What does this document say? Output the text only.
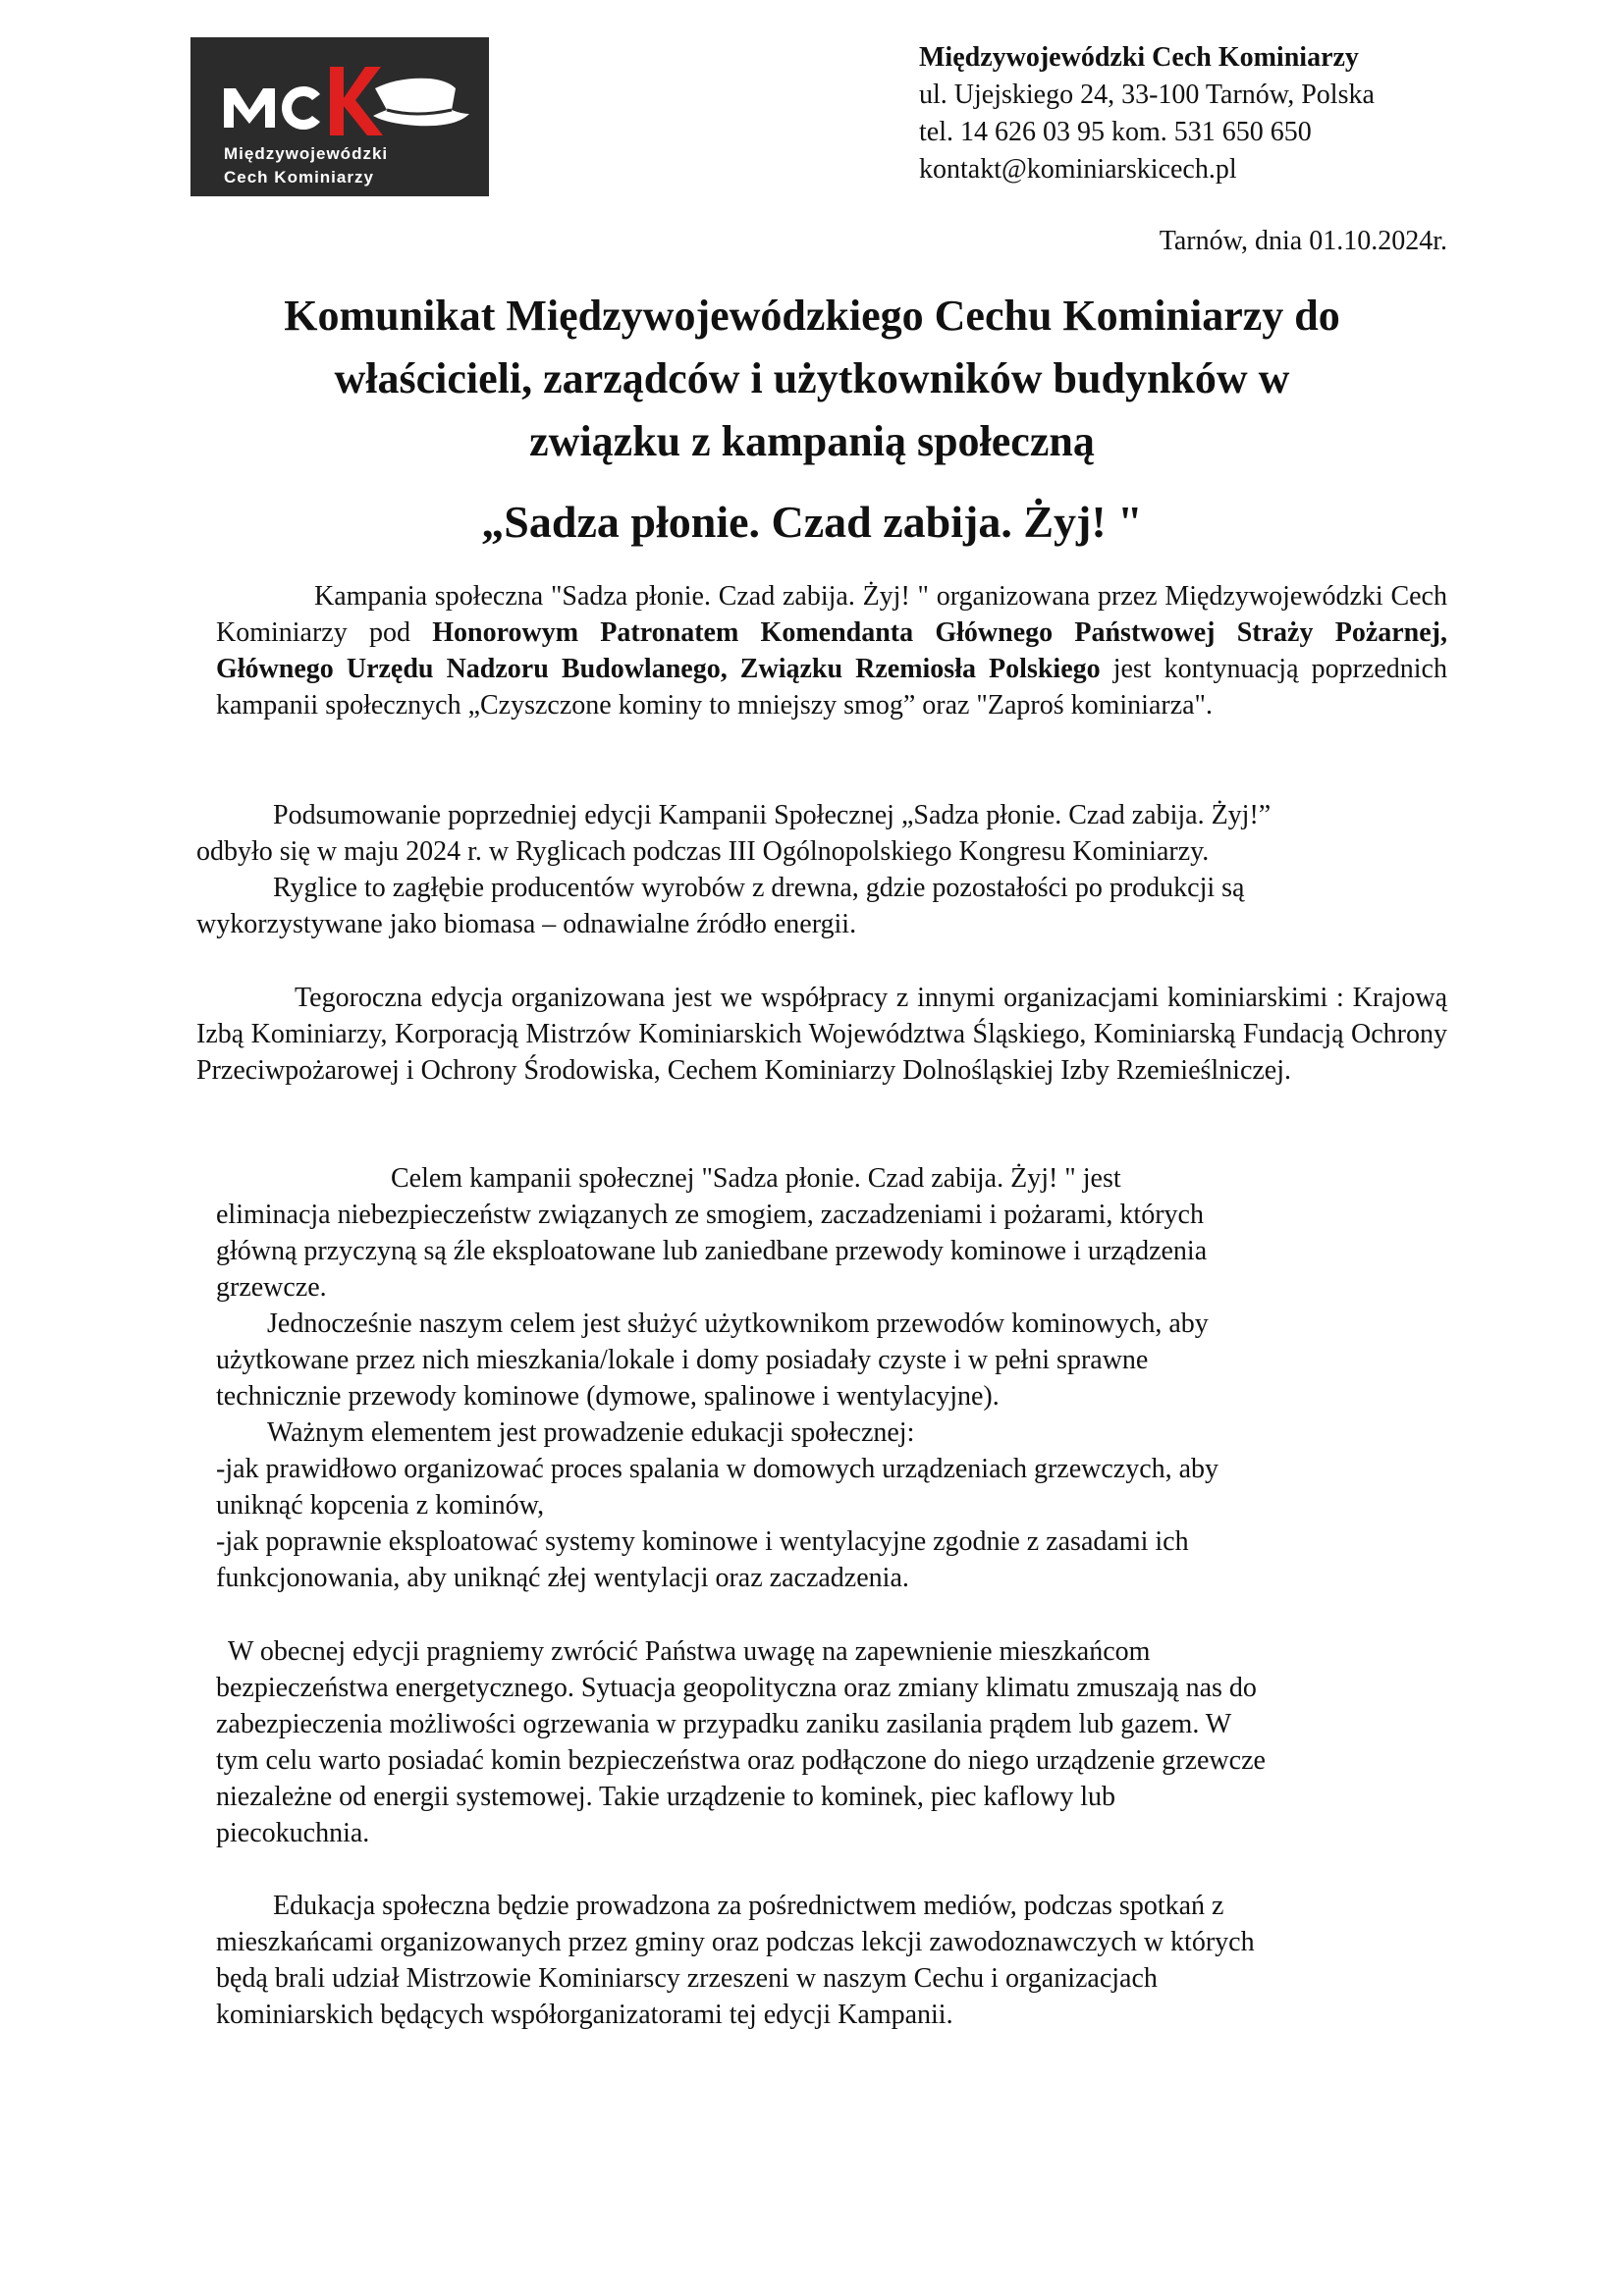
Międzywojewódzki
Cech Kominiarzy
Międzywojewódzki Cech Kominiarzy
ul. Ujejskiego 24, 33-100 Tarnów, Polska
tel. 14 626 03 95 kom. 531 650 650
kontakt@kominiarskicech.pl
Tarnów, dnia 01.10.2024r.
Komunikat Międzywojewódzkiego Cechu Kominiarzy do
właścicieli, zarządców i użytkowników budynków w
związku z kampanią społeczną
„Sadza płonie. Czad zabija. Żyj! "
Kampania społeczna "Sadza płonie. Czad zabija. Żyj! " organizowana przez Międzywojewódzki Cech Kominiarzy pod Honorowym Patronatem Komendanta Głównego Państwowej Straży Pożarnej, Głównego Urzędu Nadzoru Budowlanego, Związku Rzemiosła Polskiego jest kontynuacją poprzednich kampanii społecznych „Czyszczone kominy to mniejszy smog” oraz "Zaproś kominiarza".
Podsumowanie poprzedniej edycji Kampanii Społecznej „Sadza płonie. Czad zabija. Żyj!”
odbyło się w maju 2024 r. w Ryglicach podczas III Ogólnopolskiego Kongresu Kominiarzy.
Ryglice to zagłębie producentów wyrobów z drewna, gdzie pozostałości po produkcji są
wykorzystywane jako biomasa – odnawialne źródło energii.
Tegoroczna edycja organizowana jest we współpracy z innymi organizacjami kominiarskimi : Krajową Izbą Kominiarzy, Korporacją Mistrzów Kominiarskich Województwa Śląskiego, Kominiarską Fundacją Ochrony Przeciwpożarowej i Ochrony Środowiska, Cechem Kominiarzy Dolnośląskiej Izby Rzemieślniczej.
Celem kampanii społecznej "Sadza płonie. Czad zabija. Żyj! " jest
eliminacja niebezpieczeństw związanych ze smogiem, zaczadzeniami i pożarami, których
główną przyczyną są źle eksploatowane lub zaniedbane przewody kominowe i urządzenia
grzewcze.
Jednocześnie naszym celem jest służyć użytkownikom przewodów kominowych, aby
użytkowane przez nich mieszkania/lokale i domy posiadały czyste i w pełni sprawne
technicznie przewody kominowe (dymowe, spalinowe i wentylacyjne).
Ważnym elementem jest prowadzenie edukacji społecznej:
-jak prawidłowo organizować proces spalania w domowych urządzeniach grzewczych, aby
uniknąć kopcenia z kominów,
-jak poprawnie eksploatować systemy kominowe i wentylacyjne zgodnie z zasadami ich
funkcjonowania, aby uniknąć złej wentylacji oraz zaczadzenia.
W obecnej edycji pragniemy zwrócić Państwa uwagę na zapewnienie mieszkańcom
bezpieczeństwa energetycznego. Sytuacja geopolityczna oraz zmiany klimatu zmuszają nas do
zabezpieczenia możliwości ogrzewania w przypadku zaniku zasilania prądem lub gazem. W
tym celu warto posiadać komin bezpieczeństwa oraz podłączone do niego urządzenie grzewcze
niezależne od energii systemowej. Takie urządzenie to kominek, piec kaflowy lub
piecokuchnia.
Edukacja społeczna będzie prowadzona za pośrednictwem mediów, podczas spotkań z
mieszkańcami organizowanych przez gminy oraz podczas lekcji zawodoznawczych w których
będą brali udział Mistrzowie Kominiarscy zrzeszeni w naszym Cechu i organizacjach
kominiarskich będących współorganizatorami tej edycji Kampanii.
